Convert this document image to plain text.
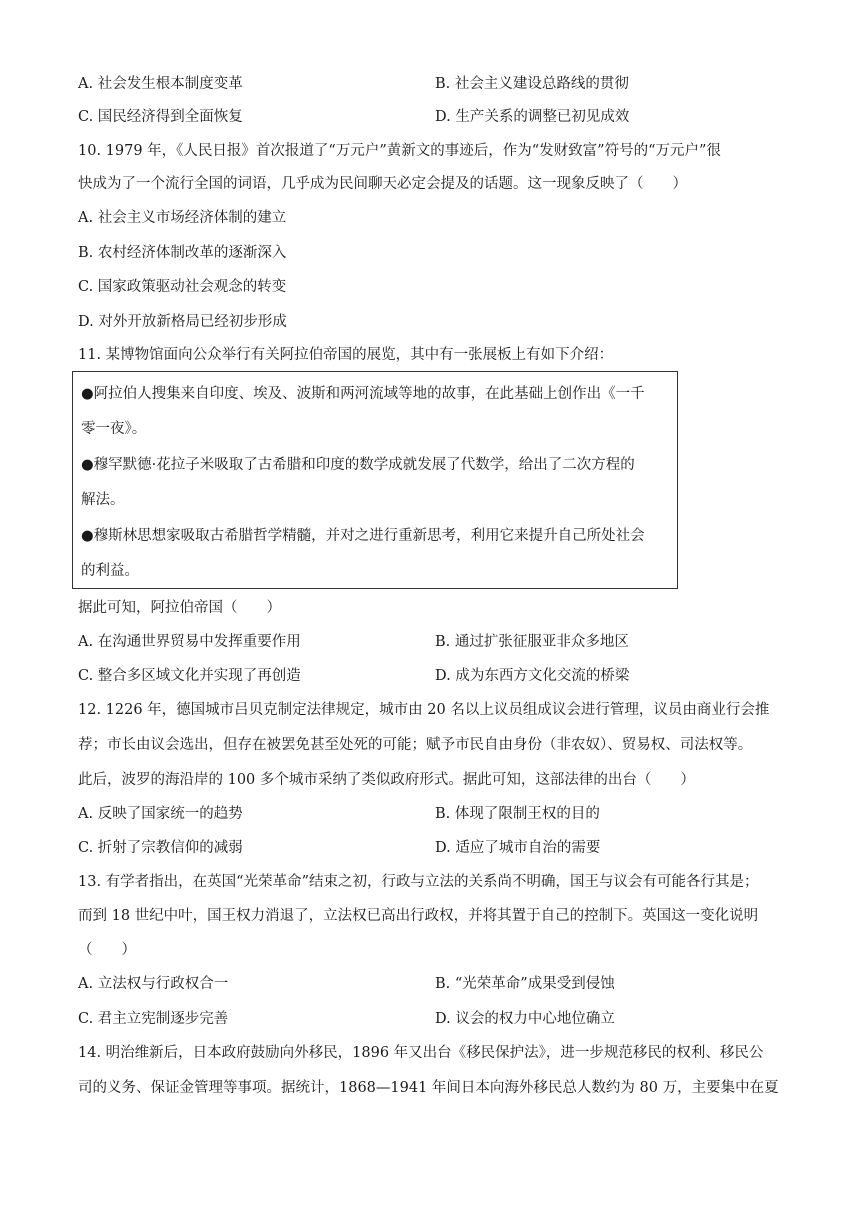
A. 社会发生根本制度变革	B. 社会主义建设总路线的贯彻
C. 国民经济得到全面恢复	D. 生产关系的调整已初见成效
10. 1979 年，《人民日报》首次报道了“万元户”黄新文的事迹后，作为“发财致富”符号的“万元户”很
快成为了一个流行全国的词语，几乎成为民间聊天必定会提及的话题。这一现象反映了（　　）
A. 社会主义市场经济体制的建立
B. 农村经济体制改革的逐渐深入
C. 国家政策驱动社会观念的转变
D. 对外开放新格局已经初步形成
11. 某博物馆面向公众举行有关阿拉伯帝国的展览，其中有一张展板上有如下介绍：
●阿拉伯人搜集来自印度、埃及、波斯和两河流域等地的故事，在此基础上创作出《一千
零一夜》。
●穆罕默德·花拉子米吸取了古希腊和印度的数学成就发展了代数学，给出了二次方程的
解法。
●穆斯林思想家吸取古希腊哲学精髓，并对之进行重新思考，利用它来提升自己所处社会
的利益。
据此可知，阿拉伯帝国（　　）
A. 在沟通世界贸易中发挥重要作用	B. 通过扩张征服亚非众多地区
C. 整合多区域文化并实现了再创造	D. 成为东西方文化交流的桥梁
12. 1226 年，德国城市吕贝克制定法律规定，城市由 20 名以上议员组成议会进行管理，议员由商业行会推
荐；市长由议会选出，但存在被罢免甚至处死的可能；赋予市民自由身份（非农奴）、贸易权、司法权等。
此后，波罗的海沿岸的 100 多个城市采纳了类似政府形式。据此可知，这部法律的出台（　　）
A. 反映了国家统一的趋势	B. 体现了限制王权的目的
C. 折射了宗教信仰的减弱	D. 适应了城市自治的需要
13. 有学者指出，在英国“光荣革命”结束之初，行政与立法的关系尚不明确，国王与议会有可能各行其是；
而到 18 世纪中叶，国王权力消退了，立法权已高出行政权，并将其置于自己的控制下。英国这一变化说明
（　　）
A. 立法权与行政权合一	B. “光荣革命”成果受到侵蚀
C. 君主立宪制逐步完善	D. 议会的权力中心地位确立
14. 明治维新后，日本政府鼓励向外移民，1896 年又出台《移民保护法》，进一步规范移民的权利、移民公
司的义务、保证金管理等事项。据统计，1868—1941 年间日本向海外移民总人数约为 80 万，主要集中在夏
